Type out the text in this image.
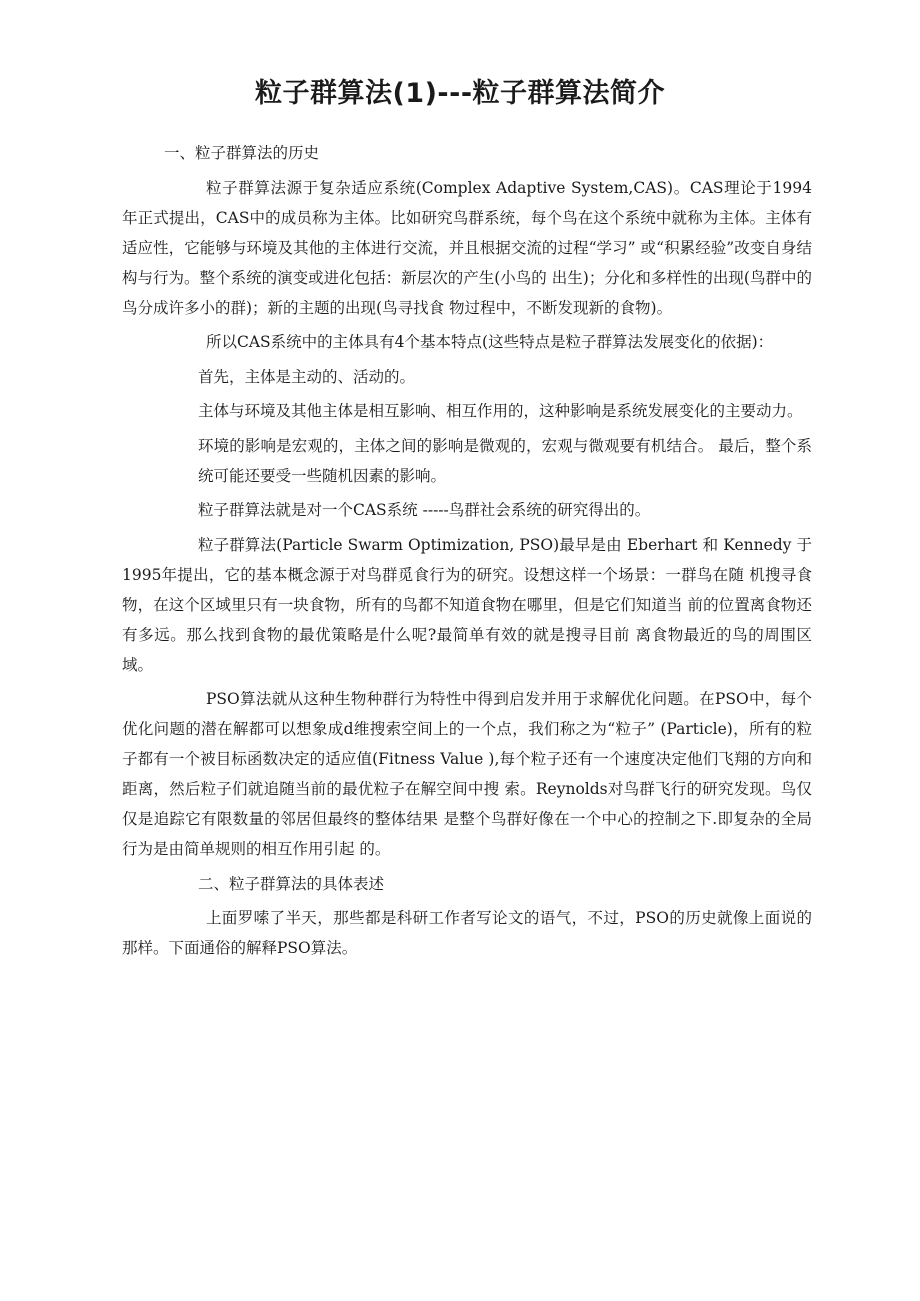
粒子群算法(1)---粒子群算法简介

一、粒子群算法的历史

粒子群算法源于复杂适应系统(Complex Adaptive System,CAS)。CAS理论于1994年正式提出，CAS中的成员称为主体。比如研究鸟群系统，每个鸟在这个系统中就称为主体。主体有适应性，它能够与环境及其他的主体进行交流，并且根据交流的过程“学习” 或“积累经验”改变自身结构与行为。整个系统的演变或进化包括：新层次的产生(小鸟的 出生)；分化和多样性的出现(鸟群中的鸟分成许多小的群)；新的主题的出现(鸟寻找食 物过程中，不断发现新的食物)。

所以CAS系统中的主体具有4个基本特点(这些特点是粒子群算法发展变化的依据)：

首先，主体是主动的、活动的。

主体与环境及其他主体是相互影响、相互作用的，这种影响是系统发展变化的主要动力。

环境的影响是宏观的，主体之间的影响是微观的，宏观与微观要有机结合。 最后，整个系统可能还要受一些随机因素的影响。

粒子群算法就是对一个CAS系统 -----鸟群社会系统的研究得出的。

粒子群算法(Particle Swarm Optimization, PSO)最早是由 Eberhart 和 Kennedy 于 1995年提出，它的基本概念源于对鸟群觅食行为的研究。设想这样一个场景：一群鸟在随 机搜寻食物，在这个区域里只有一块食物，所有的鸟都不知道食物在哪里，但是它们知道当 前的位置离食物还有多远。那么找到食物的最优策略是什么呢?最简单有效的就是搜寻目前 离食物最近的鸟的周围区域。

PSO算法就从这种生物种群行为特性中得到启发并用于求解优化问题。在PSO中，每个优化问题的潜在解都可以想象成d维搜索空间上的一个点，我们称之为“粒子” (Particle)，所有的粒子都有一个被目标函数决定的适应值(Fitness Value ),每个粒子还有一个速度决定他们飞翔的方向和距离，然后粒子们就追随当前的最优粒子在解空间中搜 索。Reynolds对鸟群飞行的研究发现。鸟仅仅是追踪它有限数量的邻居但最终的整体结果 是整个鸟群好像在一个中心的控制之下.即复杂的全局行为是由简单规则的相互作用引起 的。

二、粒子群算法的具体表述

上面罗嗦了半天，那些都是科研工作者写论文的语气，不过，PSO的历史就像上面说的那样。下面通俗的解释PSO算法。
